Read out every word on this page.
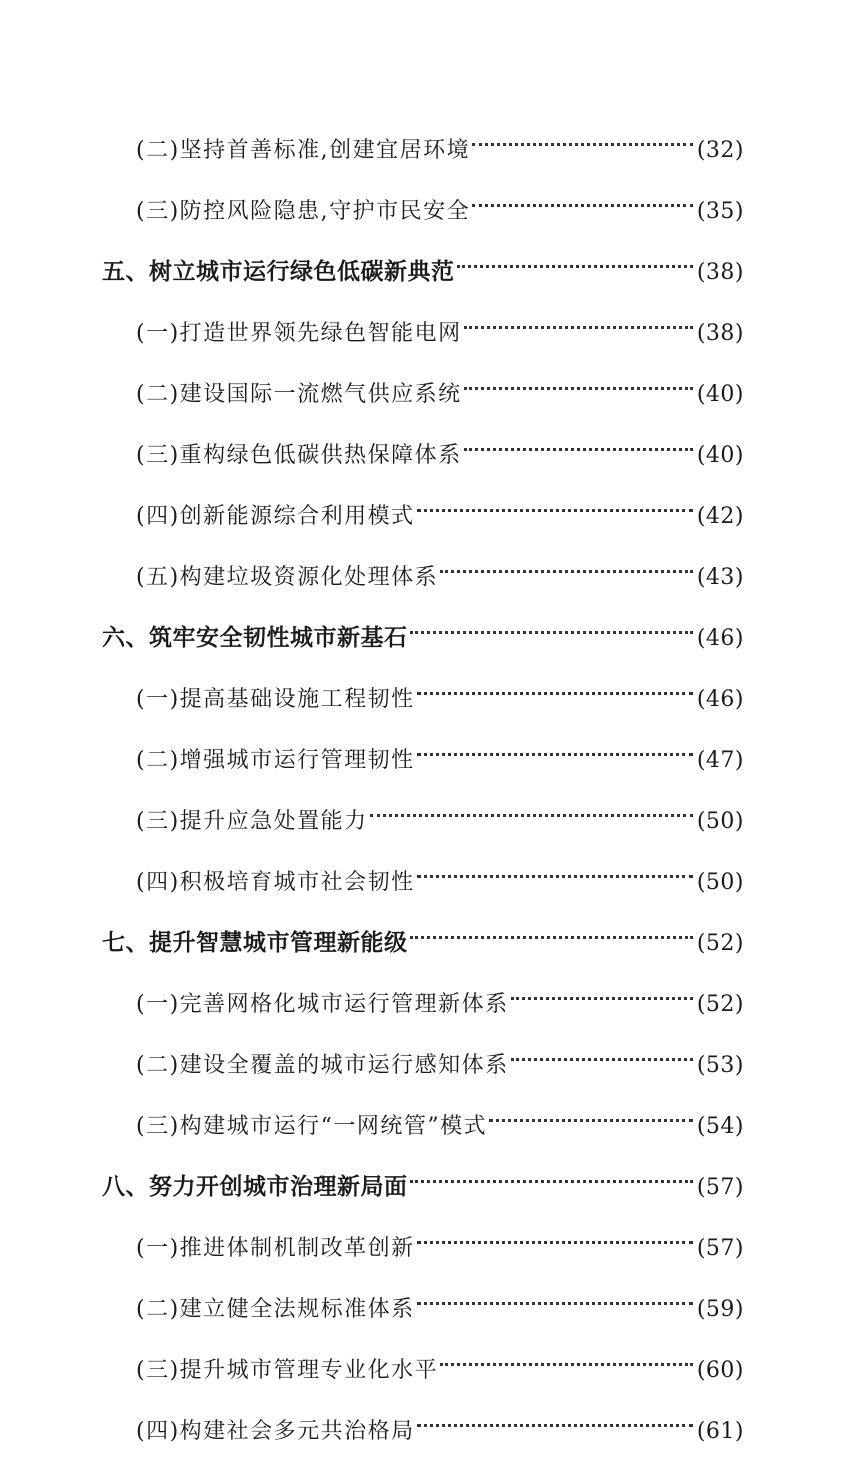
(二)坚持首善标准,创建宜居环境	(32)
(三)防控风险隐患,守护市民安全	(35)
五、树立城市运行绿色低碳新典范	(38)
(一)打造世界领先绿色智能电网	(38)
(二)建设国际一流燃气供应系统	(40)
(三)重构绿色低碳供热保障体系	(40)
(四)创新能源综合利用模式	(42)
(五)构建垃圾资源化处理体系	(43)
六、筑牢安全韧性城市新基石	(46)
(一)提高基础设施工程韧性	(46)
(二)增强城市运行管理韧性	(47)
(三)提升应急处置能力	(50)
(四)积极培育城市社会韧性	(50)
七、提升智慧城市管理新能级	(52)
(一)完善网格化城市运行管理新体系	(52)
(二)建设全覆盖的城市运行感知体系	(53)
(三)构建城市运行“一网统管”模式	(54)
八、努力开创城市治理新局面	(57)
(一)推进体制机制改革创新	(57)
(二)建立健全法规标准体系	(59)
(三)提升城市管理专业化水平	(60)
(四)构建社会多元共治格局	(61)
